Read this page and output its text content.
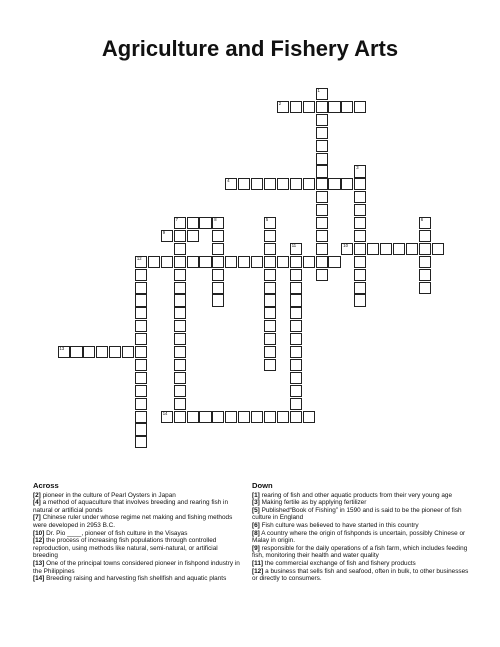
Agriculture and Fishery Arts
2
4
10
12
13
14
7
9
1
3
5	6
8
11
Across

[2] pioneer in the culture of Pearl Oysters in Japan

[4] a method of aquaculture that involves breeding and rearing fish in natural or artificial ponds

[7] Chinese ruler under whose regime net making and fishing methods were developed in 2953 B.C.

[10] Dr. Pio ____, pioneer of fish culture in the Visayas

[12] the process of increasing fish populations through controlled reproduction, using methods like natural, semi-natural, or artificial breeding

[13] One of the principal towns considered pioneer in fishpond industry in the Philippines

[14] Breeding raising and harvesting fish shellfish and aquatic plants

Down

[1] rearing of fish and other aquatic products from their very young age

[3] Making fertile as by applying fertilizer

[5] Published“Book of Fishing” in 1590 and is said to be the pioneer of fish culture in England

[6] Fish culture was believed to have started in this country

[8] A country where the origin of fishponds is uncertain, possibly Chinese or Malay in origin.

[9] responsible for the daily operations of a fish farm, which includes feeding fish, monitoring their health and water quality

[11] the commercial exchange of fish and fishery products

[12] a business that sells fish and seafood, often in bulk, to other businesses or directly to consumers.
